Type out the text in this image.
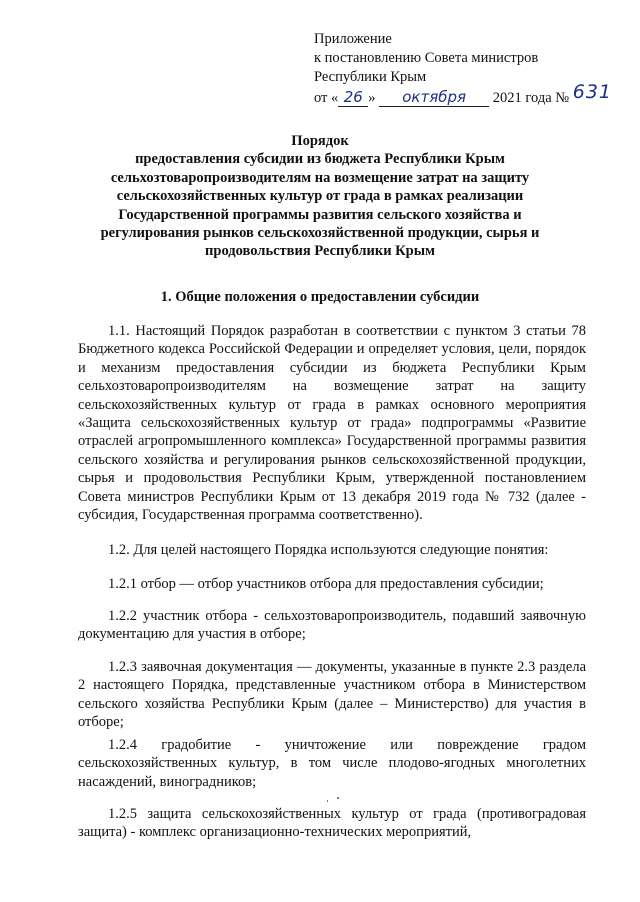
Приложение
к постановлению Совета министров
Республики Крым
от « 26 » октября 2021 года № 631
Порядок
предоставления субсидии из бюджета Республики Крым сельхозтоваропроизводителям на возмещение затрат на защиту сельскохозяйственных культур от града в рамках реализации Государственной программы развития сельского хозяйства и регулирования рынков сельскохозяйственной продукции, сырья и продовольствия Республики Крым
1. Общие положения о предоставлении субсидии
1.1. Настоящий Порядок разработан в соответствии с пунктом 3 статьи 78 Бюджетного кодекса Российской Федерации и определяет условия, цели, порядок и механизм предоставления субсидии из бюджета Республики Крым сельхозтоваропроизводителям на возмещение затрат на защиту сельскохозяйственных культур от града в рамках основного мероприятия «Защита сельскохозяйственных культур от града» подпрограммы «Развитие отраслей агропромышленного комплекса» Государственной программы развития сельского хозяйства и регулирования рынков сельскохозяйственной продукции, сырья и продовольствия Республики Крым, утвержденной постановлением Совета министров Республики Крым от 13 декабря 2019 года № 732 (далее - субсидия, Государственная программа соответственно).
1.2. Для целей настоящего Порядка используются следующие понятия:
1.2.1 отбор — отбор участников отбора для предоставления субсидии;
1.2.2 участник отбора - сельхозтоваропроизводитель, подавший заявочную документацию для участия в отборе;
1.2.3 заявочная документация — документы, указанные в пункте 2.3 раздела 2 настоящего Порядка, представленные участником отбора в Министерством сельского хозяйства Республики Крым (далее – Министерство) для участия в отборе;
1.2.4 градобитие - уничтожение или повреждение градом сельскохозяйственных культур, в том числе плодово-ягодных многолетних насаждений, виноградников;
1.2.5 защита сельскохозяйственных культур от града (противоградовая защита) - комплекс организационно-технических мероприятий,
